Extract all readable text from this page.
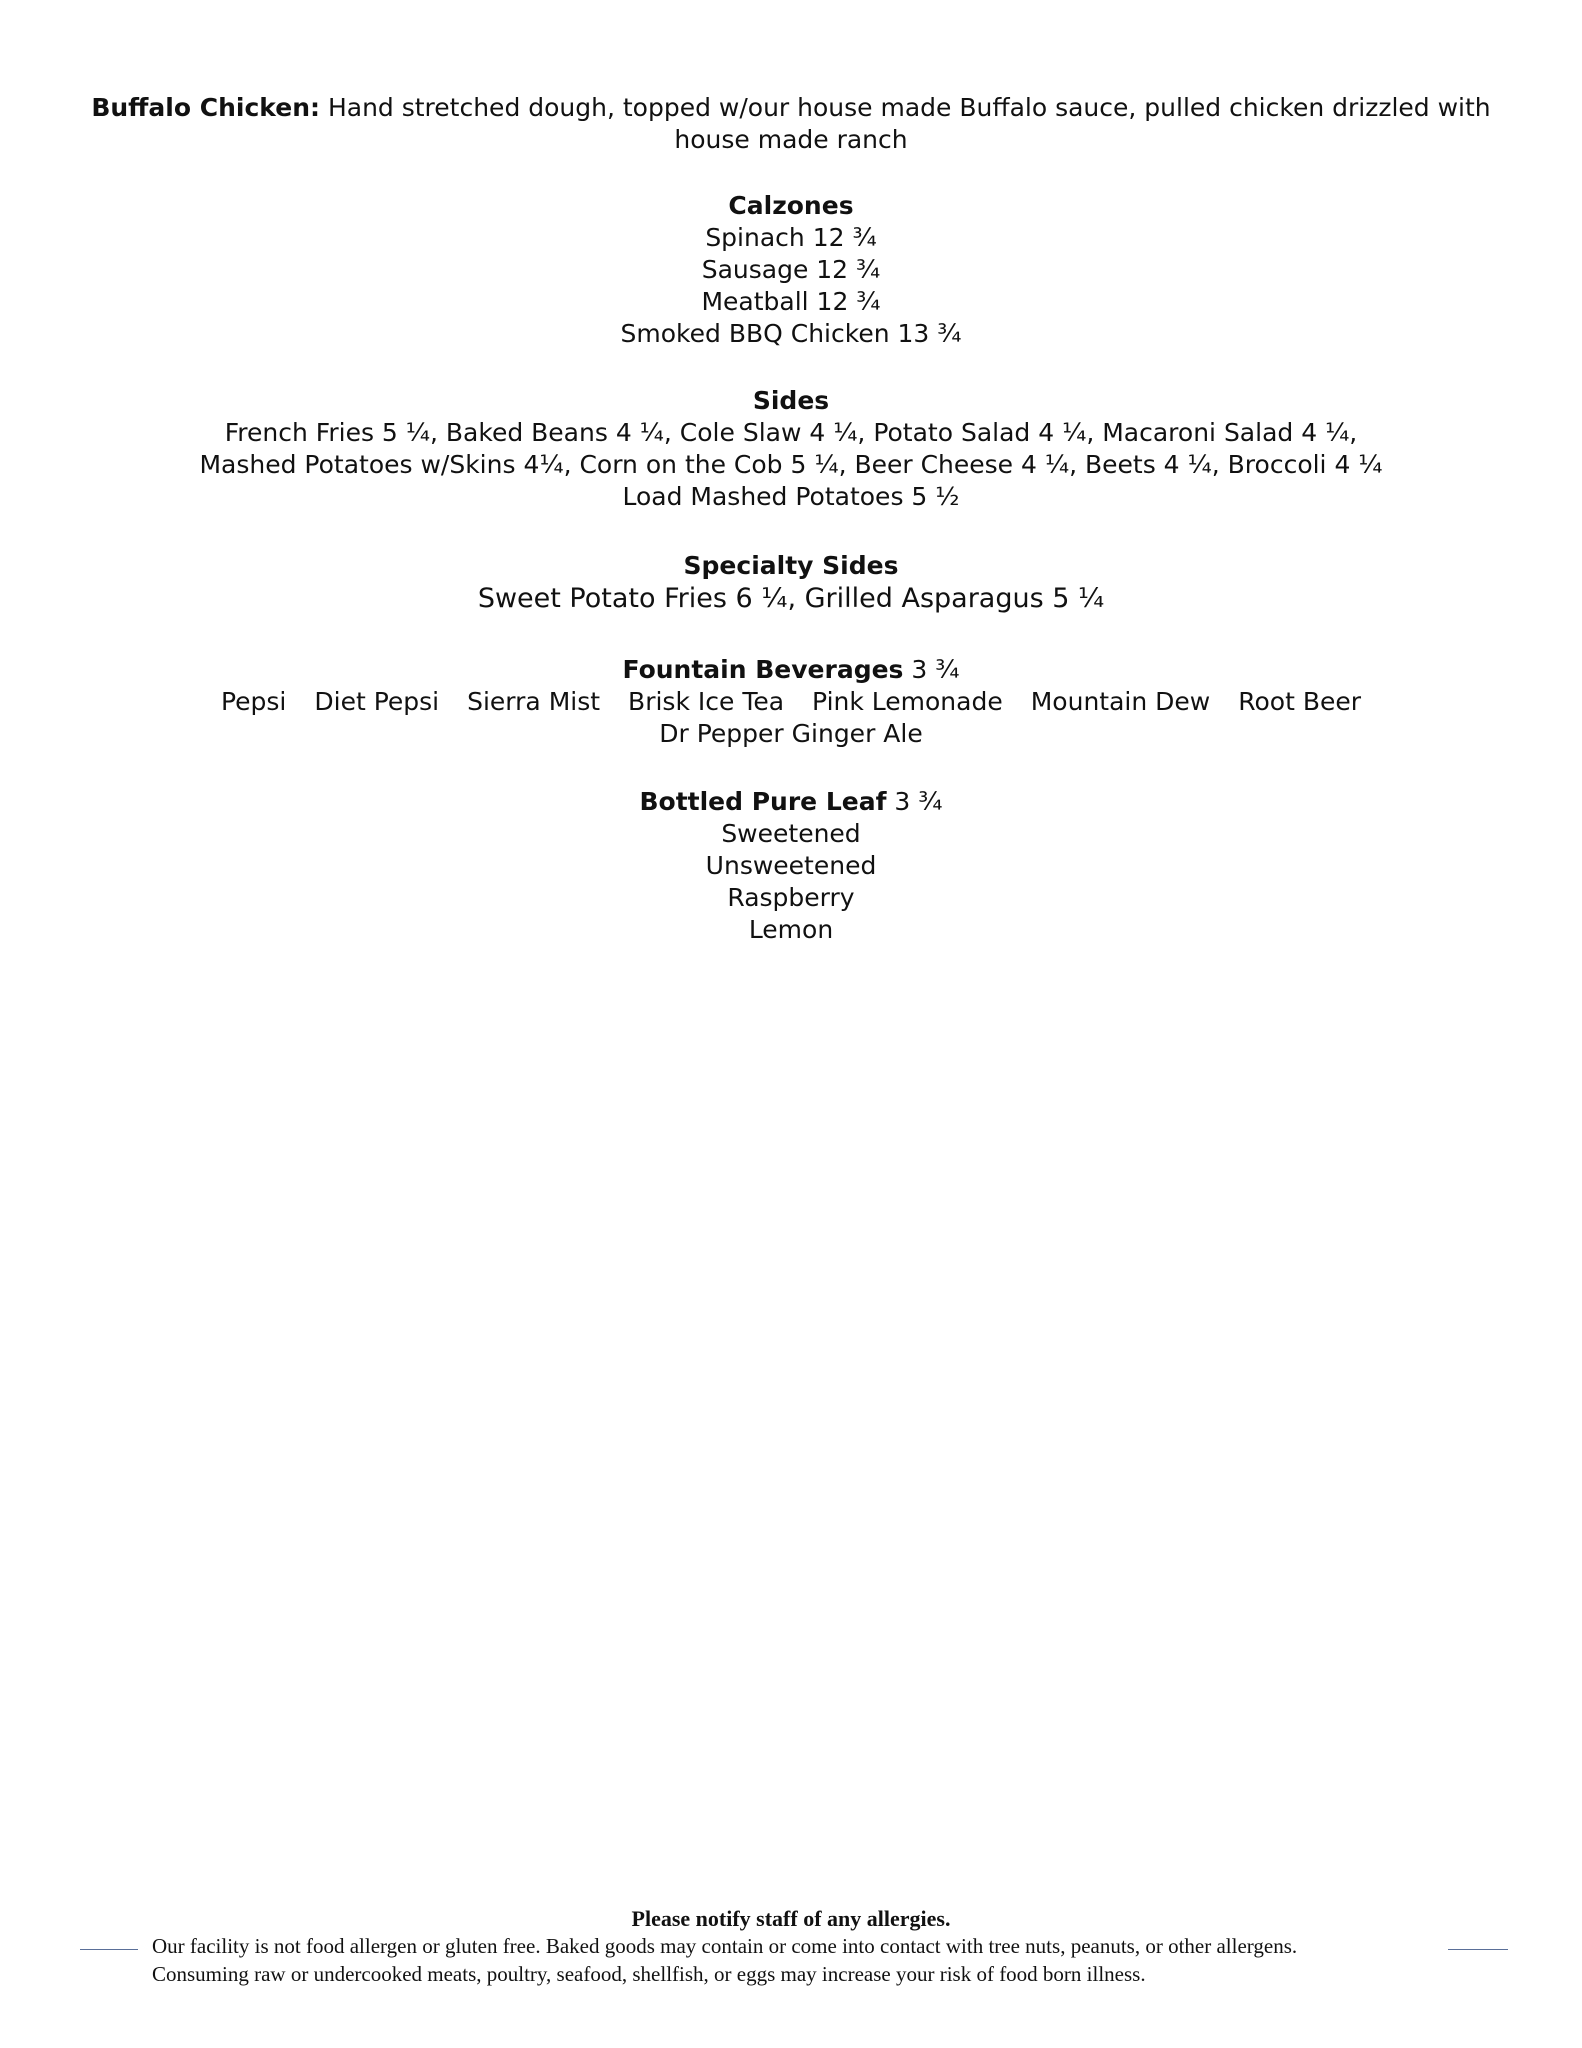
Buffalo Chicken: Hand stretched dough, topped w/our house made Buffalo sauce, pulled chicken drizzled with
house made ranch
Calzones
Spinach 12 ¾
Sausage 12 ¾
Meatball 12 ¾
Smoked BBQ Chicken 13 ¾
Sides
French Fries 5 ¼, Baked Beans 4 ¼, Cole Slaw 4 ¼, Potato Salad 4 ¼, Macaroni Salad 4 ¼,
Mashed Potatoes w/Skins 4¼, Corn on the Cob 5 ¼, Beer Cheese 4 ¼, Beets 4 ¼, Broccoli 4 ¼
Load Mashed Potatoes 5 ½
Specialty Sides
Sweet Potato Fries 6 ¼, Grilled Asparagus 5 ¼
Fountain Beverages 3 ¾
Pepsi Diet Pepsi Sierra Mist Brisk Ice Tea Pink Lemonade Mountain Dew Root Beer
Dr Pepper Ginger Ale
Bottled Pure Leaf 3 ¾
Sweetened
Unsweetened
Raspberry
Lemon
Please notify staff of any allergies.
Our facility is not food allergen or gluten free. Baked goods may contain or come into contact with tree nuts, peanuts, or other allergens.
Consuming raw or undercooked meats, poultry, seafood, shellfish, or eggs may increase your risk of food born illness.
